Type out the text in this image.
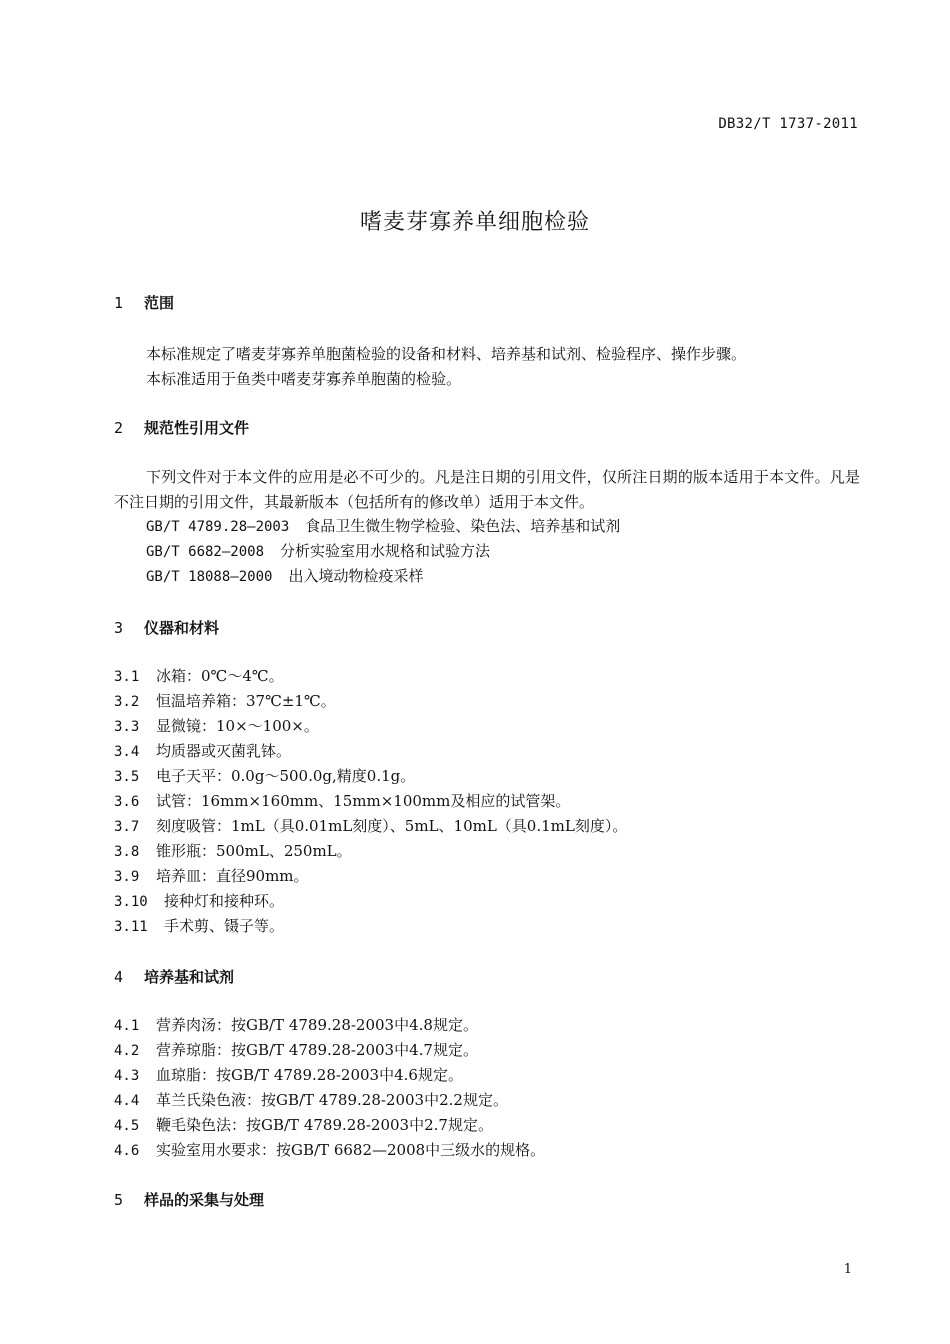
DB32/T 1737-2011
嗜麦芽寡养单细胞检验
1 范围
本标准规定了嗜麦芽寡养单胞菌检验的设备和材料、培养基和试剂、检验程序、操作步骤。
本标准适用于鱼类中嗜麦芽寡养单胞菌的检验。
2 规范性引用文件
下列文件对于本文件的应用是必不可少的。凡是注日期的引用文件，仅所注日期的版本适用于本文件。凡是不注日期的引用文件，其最新版本（包括所有的修改单）适用于本文件。
GB/T 4789.28—2003 食品卫生微生物学检验、染色法、培养基和试剂
GB/T 6682—2008 分析实验室用水规格和试验方法
GB/T 18088—2000 出入境动物检疫采样
3 仪器和材料
3.1 冰箱：0℃～4℃。
3.2 恒温培养箱：37℃±1℃。
3.3 显微镜：10×～100×。
3.4 均质器或灭菌乳钵。
3.5 电子天平：0.0g～500.0g,精度0.1g。
3.6 试管：16mm×160mm、15mm×100mm及相应的试管架。
3.7 刻度吸管：1mL（具0.01mL刻度）、5mL、10mL（具0.1mL刻度）。
3.8 锥形瓶：500mL、250mL。
3.9 培养皿：直径90mm。
3.10 接种灯和接种环。
3.11 手术剪、镊子等。
4 培养基和试剂
4.1 营养肉汤：按GB/T 4789.28-2003中4.8规定。
4.2 营养琼脂：按GB/T 4789.28-2003中4.7规定。
4.3 血琼脂：按GB/T 4789.28-2003中4.6规定。
4.4 革兰氏染色液：按GB/T 4789.28-2003中2.2规定。
4.5 鞭毛染色法：按GB/T 4789.28-2003中2.7规定。
4.6 实验室用水要求：按GB/T 6682—2008中三级水的规格。
5 样品的采集与处理
1
